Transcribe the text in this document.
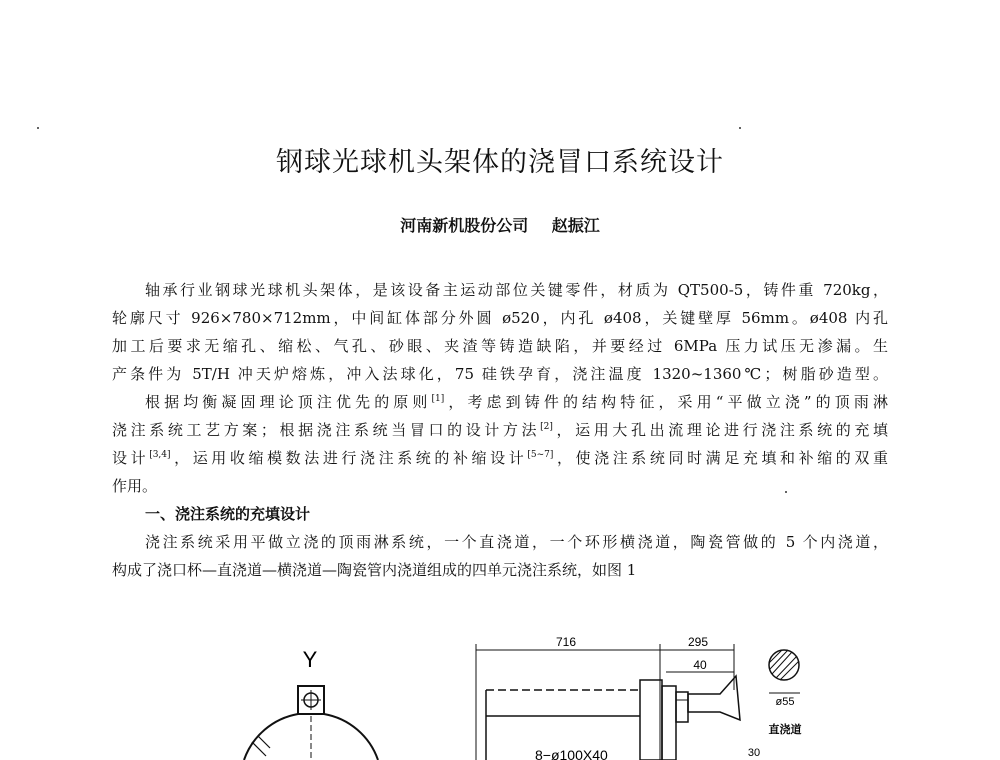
钢球光球机头架体的浇冒口系统设计
河南新机股份公司 赵振江
轴承行业钢球光球机头架体，是该设备主运动部位关键零件，材质为 QT500-5，铸件重 720kg，
轮廓尺寸 926×780×712mm，中间缸体部分外圆 ø520，内孔 ø408，关键壁厚 56mm。ø408 内孔
加工后要求无缩孔、缩松、气孔、砂眼、夹渣等铸造缺陷，并要经过 6MPa 压力试压无渗漏。生
产条件为 5T/H 冲天炉熔炼，冲入法球化，75 硅铁孕育，浇注温度 1320~1360℃；树脂砂造型。
根据均衡凝固理论顶注优先的原则[1]，考虑到铸件的结构特征，采用“平做立浇”的顶雨淋
浇注系统工艺方案；根据浇注系统当冒口的设计方法[2]，运用大孔出流理论进行浇注系统的充填
设计[3,4]，运用收缩模数法进行浇注系统的补缩设计[5~7]，使浇注系统同时满足充填和补缩的双重
作用。
一、浇注系统的充填设计
浇注系统采用平做立浇的顶雨淋系统，一个直浇道，一个环形横浇道，陶瓷管做的 5 个内浇道，
构成了浇口杯—直浇道—横浇道—陶瓷管内浇道组成的四单元浇注系统，如图 1
Y
716	295
40
8−ø100X40
ø55
直浇道
30
